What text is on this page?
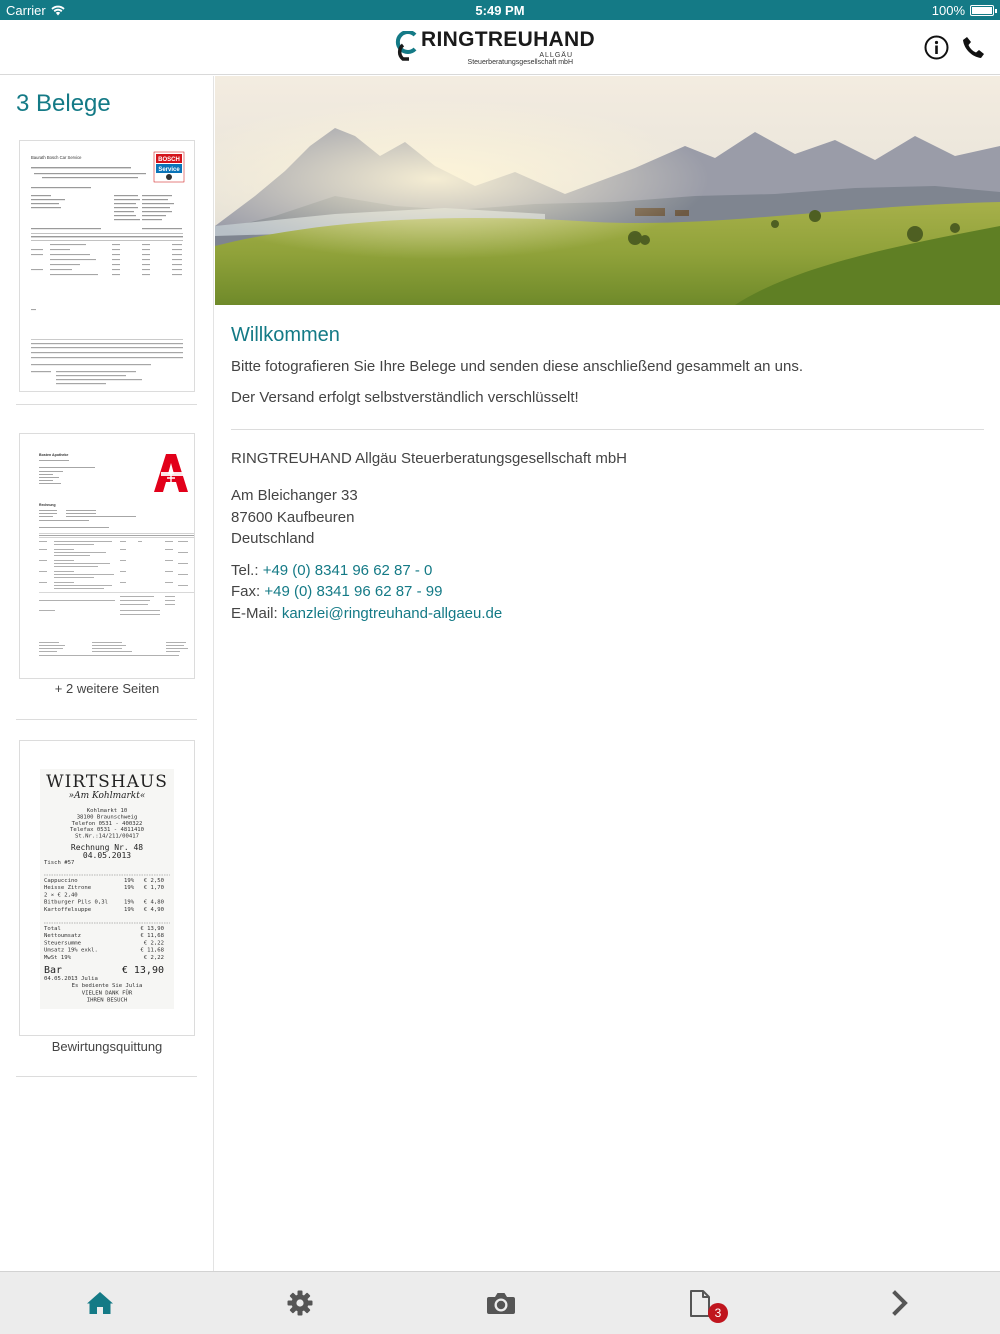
Carrier	5:49 PM	100%
RINGTREUHAND
ALLGÄU
Steuerberatungsgesellschaft mbH
3 Belege
Baurath Bosch Car Service	BOSCH
Service
Bosten Apotheke
Rechnung
+ 2 weitere Seiten
WIRTSHAUS
»Am Kohlmarkt«
Kohlmarkt 10
38100 Braunschweig
Telefon 0531 - 400322
Telefax 0531 - 4811410
St.Nr.:14/211/00417
Rechnung Nr. 48
04.05.2013
Tisch #57
Cappuccino	19% € 2,50
Heisse Zitrone	19% € 1,70
2 × € 2,40
Bitburger Pils 0,3l	19% € 4,80
Kartoffelsuppe	19% € 4,90
Total	€ 13,90
Nettoumsatz	€ 11,68
Steuersumme	€ 2,22
Umsatz 19% exkl.	€ 11,68
MwSt 19%	€ 2,22
Bar	€ 13,90
04.05.2013 Julia
Es bediente Sie Julia
VIELEN DANK FÜR
IHREN BESUCH
Bewirtungsquittung
Willkommen
Bitte fotografieren Sie Ihre Belege und senden diese anschließend gesammelt an uns.
Der Versand erfolgt selbstverständlich verschlüsselt!
RINGTREUHAND Allgäu Steuerberatungsgesellschaft mbH
Am Bleichanger 33
87600 Kaufbeuren
Deutschland
Tel.: +49 (0) 8341 96 62 87 - 0
Fax: +49 (0) 8341 96 62 87 - 99
E-Mail: kanzlei@ringtreuhand-allgaeu.de
3
